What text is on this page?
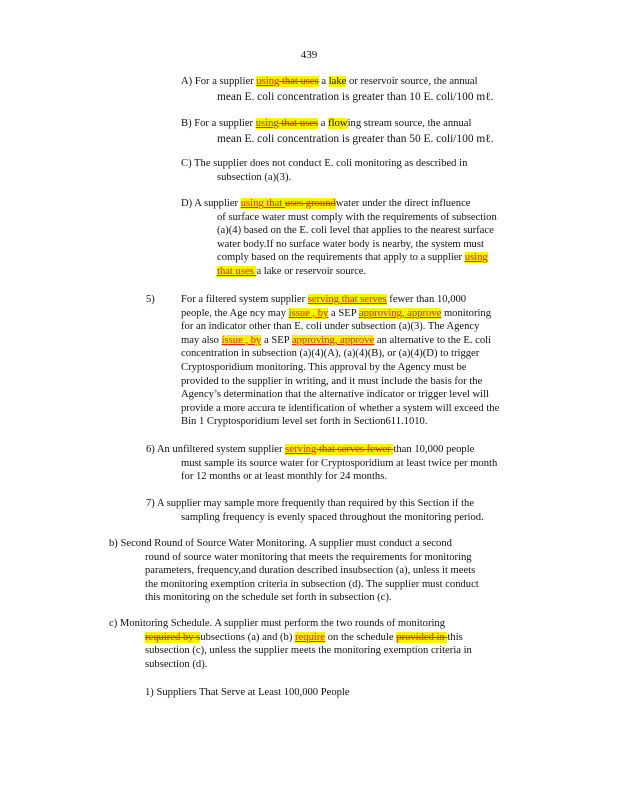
439
A) For a supplier using that uses a lake or reservoir source, the annual
mean E. coli concentration is greater than 10 E. coli/100 mℓ.
B) For a supplier using that uses a flowing stream source, the annual
mean E. coli concentration is greater than 50 E. coli/100 mℓ.
C) The supplier does not conduct E. coli monitoring as described in
subsection (a)(3).
D) A supplier using that uses groundwater under the direct influence
of surface water must comply with the requirements of subsection
(a)(4) based on the E. coli level that applies to the nearest surface
water body.If no surface water body is nearby, the system must
comply based on the requirements that apply to a supplier using
that uses a lake or reservoir source.
5)	For a filtered system supplier serving that serves fewer than 10,000
people, the Age ncy may issue , by a SEP approving, approve monitoring
for an indicator other than E. coli under subsection (a)(3). The Agency
may also issue , by a SEP approving, approve an alternative to the E. coli
concentration in subsection (a)(4)(A), (a)(4)(B), or (a)(4)(D) to trigger
Cryptosporidium monitoring. This approval by the Agency must be
provided to the supplier in writing, and it must include the basis for the
Agency’s determination that the alternative indicator or trigger level will
provide a more accura te identification of whether a system will exceed the
Bin 1 Cryptosporidium level set forth in Section611.1010.
6) An unfiltered system supplier serving that serves fewer than 10,000 people
must sample its source water for Cryptosporidium at least twice per month
for 12 months or at least monthly for 24 months.
7) A supplier may sample more frequently than required by this Section if the
sampling frequency is evenly spaced throughout the monitoring period.
b) Second Round of Source Water Monitoring. A supplier must conduct a second
round of source water monitoring that meets the requirements for monitoring
parameters, frequency,and duration described insubsection (a), unless it meets
the monitoring exemption criteria in subsection (d). The supplier must conduct
this monitoring on the schedule set forth in subsection (c).
c) Monitoring Schedule. A supplier must perform the two rounds of monitoring
required by subsections (a) and (b) require on the schedule provided in this
subsection (c), unless the supplier meets the monitoring exemption criteria in
subsection (d).
1) Suppliers That Serve at Least 100,000 People
